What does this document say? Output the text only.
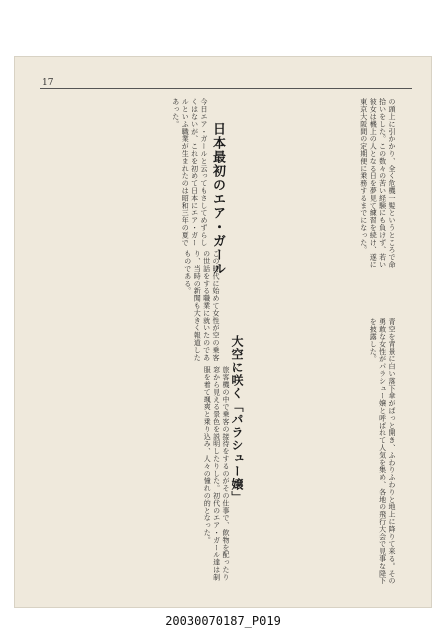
17
の頭上に引かかり、全く危機一髪というところで命拾いをした。この数々の苦い経験にも負けず、若い彼女は機上の人となる日を夢見て練習を続け、遂に東京大阪間の定期便に乗務するまでになった。
日本最初のエア・ガール
今日エア・ガールと云ってもさしてめずらしくはないが、これを初めて日本にエア・ガールといふ職業が生まれたのは昭和三年の夏であった。
この時代に始めて女性が空の乗客の世話をする職業に就いたのであり、当時の新聞も大きく報道したものである。
大空に咲く「パラシュー嬢」
旅客機の中で乗客の接待をするのがその仕事で、飲物を配ったり窓から見える景色を説明したりした。初代のエア・ガール達は制服を着て颯爽と乗り込み、人々の憧れの的となった。	青空を背景に白い落下傘がぱっと開き、ふわりふわりと地上に降りて来る。その勇敢な女性がパラシュー嬢と呼ばれて人気を集め、各地の飛行大会で見事な降下を披露した。
20030070187_P019
